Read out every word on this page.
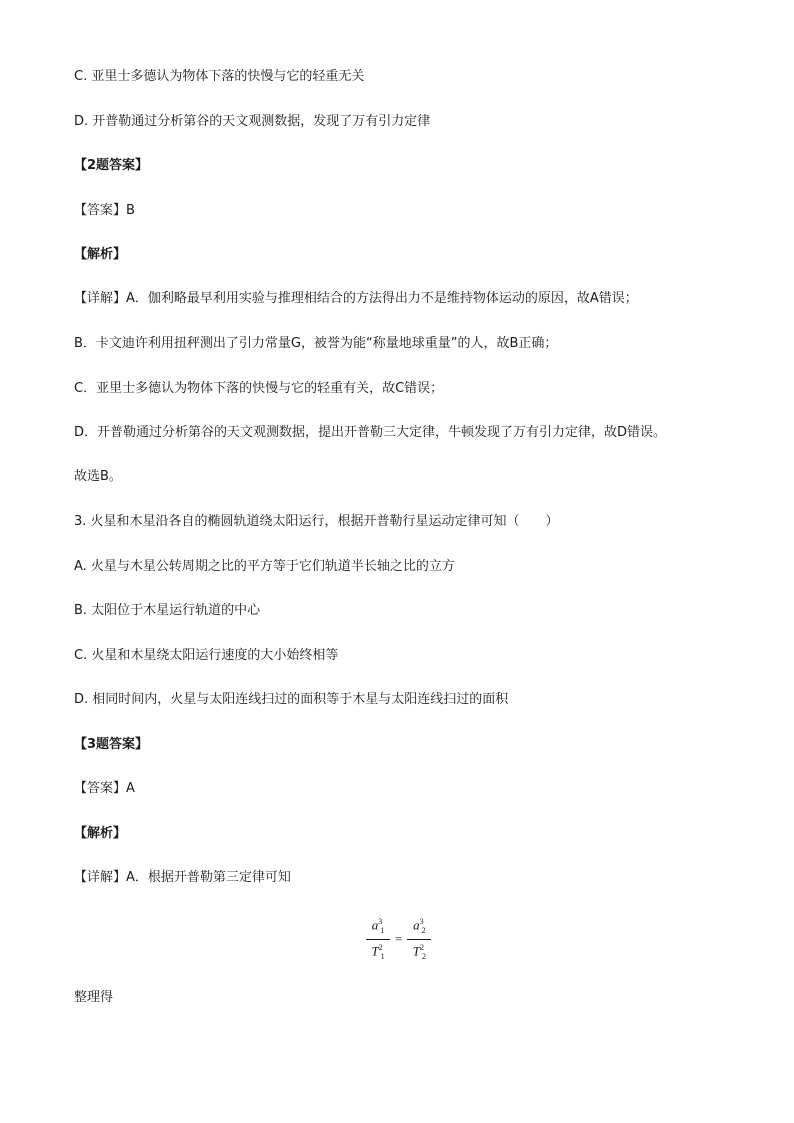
C. 亚里士多德认为物体下落的快慢与它的轻重无关

D. 开普勒通过分析第谷的天文观测数据，发现了万有引力定律

【2题答案】

【答案】B

【解析】

【详解】A．伽利略最早利用实验与推理相结合的方法得出力不是维持物体运动的原因，故A错误；

B．卡文迪许利用扭秤测出了引力常量G，被誉为能“称量地球重量”的人，故B正确；

C．亚里士多德认为物体下落的快慢与它的轻重有关，故C错误；

D．开普勒通过分析第谷的天文观测数据，提出开普勒三大定律，牛顿发现了万有引力定律，故D错误。

故选B。

3. 火星和木星沿各自的椭圆轨道绕太阳运行，根据开普勒行星运动定律可知（　　）

A. 火星与木星公转周期之比的平方等于它们轨道半长轴之比的立方

B. 太阳位于木星运行轨道的中心

C. 火星和木星绕太阳运行速度的大小始终相等

D. 相同时间内，火星与太阳连线扫过的面积等于木星与太阳连线扫过的面积

【3题答案】

【答案】A

【解析】

【详解】A．根据开普勒第三定律可知

$\frac{a^3_1}{T^2_1} = \frac{a^3_2}{T^2_2}$

整理得
